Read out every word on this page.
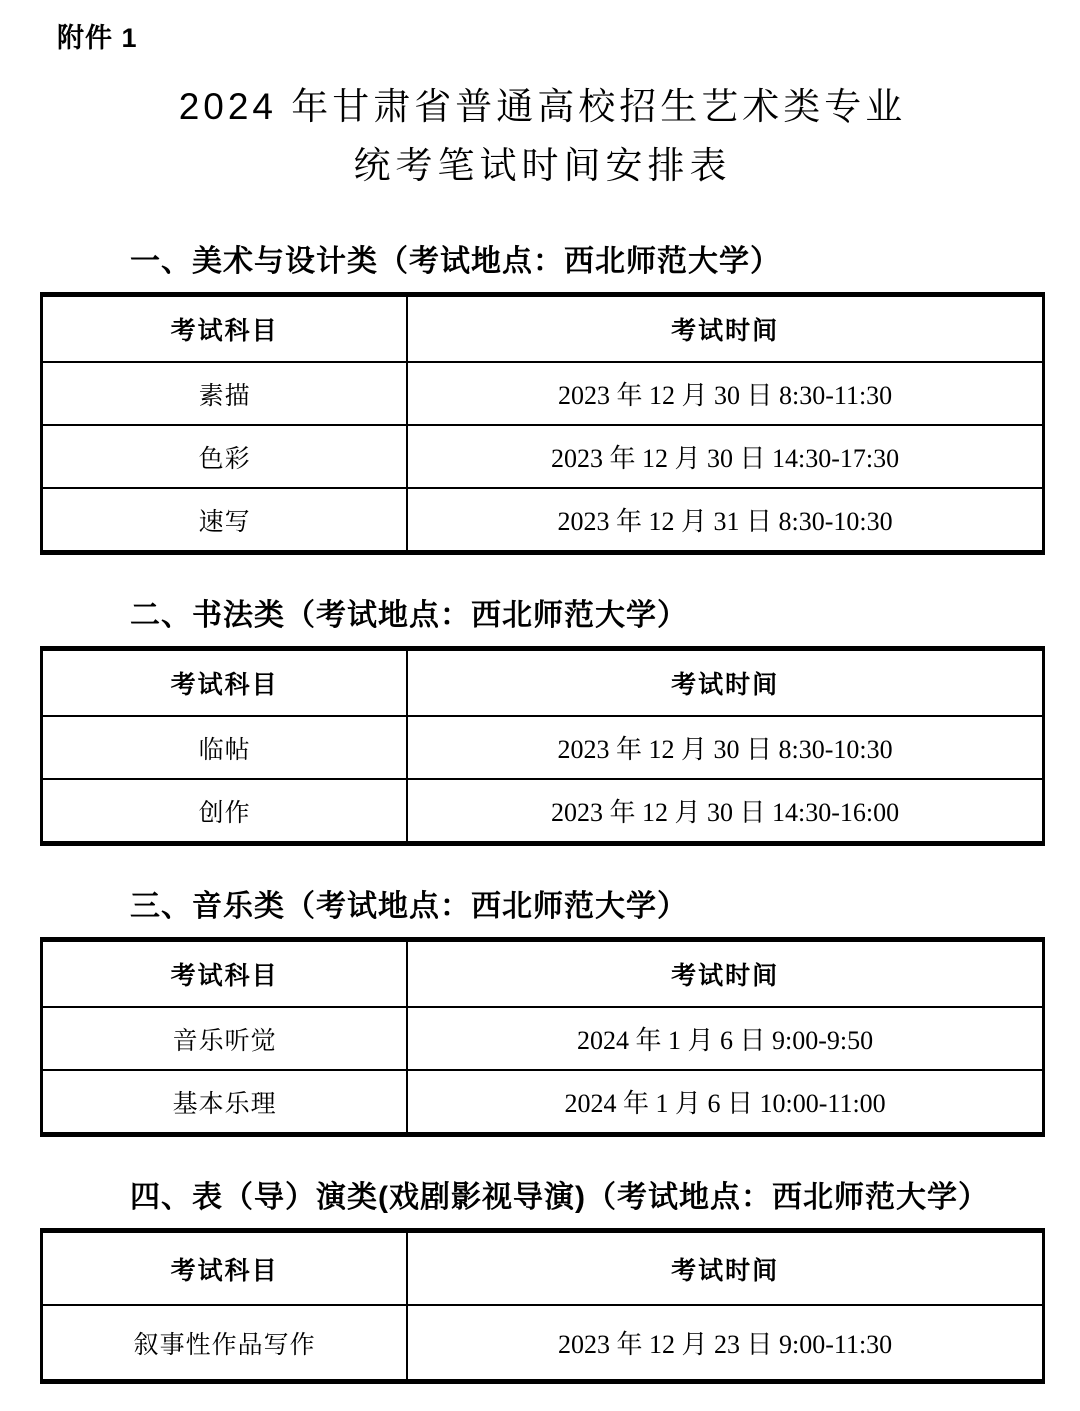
附件 1
2024 年甘肃省普通高校招生艺术类专业
统考笔试时间安排表
一、美术与设计类（考试地点：西北师范大学）
考试科目	考试时间
素描	2023 年 12 月 30 日 8:30-11:30
色彩	2023 年 12 月 30 日 14:30-17:30
速写	2023 年 12 月 31 日 8:30-10:30
二、书法类（考试地点：西北师范大学）
考试科目	考试时间
临帖	2023 年 12 月 30 日 8:30-10:30
创作	2023 年 12 月 30 日 14:30-16:00
三、音乐类（考试地点：西北师范大学）
考试科目	考试时间
音乐听觉	2024 年 1 月 6 日 9:00-9:50
基本乐理	2024 年 1 月 6 日 10:00-11:00
四、表（导）演类(戏剧影视导演)（考试地点：西北师范大学）
考试科目	考试时间
叙事性作品写作	2023 年 12 月 23 日 9:00-11:30
